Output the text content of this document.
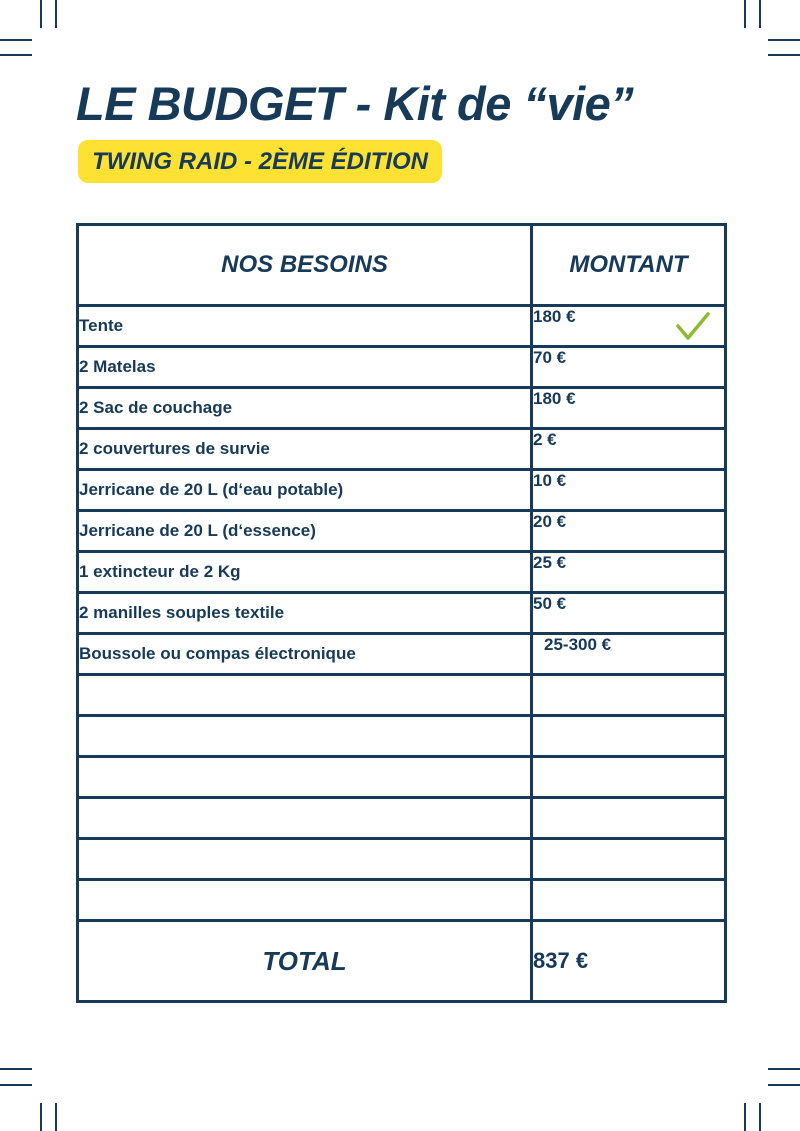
LE BUDGET - Kit de “vie”
TWING RAID - 2ÈME ÉDITION
NOS BESOINS	MONTANT
Tente	180 €

2 Matelas	70 €
2 Sac de couchage	180 €
2 couvertures de survie	2 €
Jerricane de 20 L (d‘eau potable)	10 €
Jerricane de 20 L (d‘essence)	20 €
1 extincteur de 2 Kg	25 €
2 manilles souples textile	50 €
Boussole ou compas électronique	25-300 €

TOTAL	837 €
